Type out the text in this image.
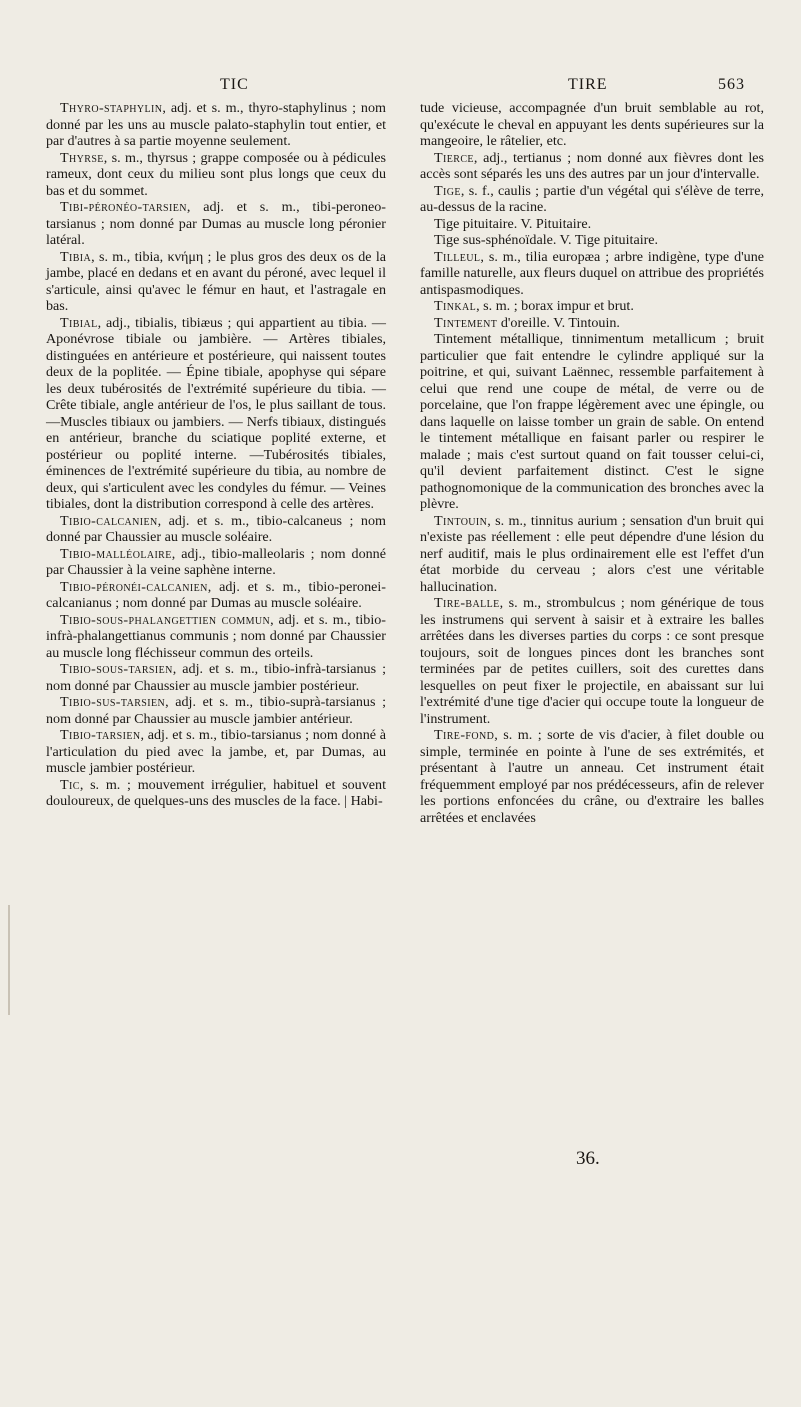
TIC	TIRE	563

Thyro-staphylin, adj. et s. m., thyro-staphylinus ; nom donné par les uns au muscle palato-staphylin tout entier, et par d'autres à sa partie moyenne seulement.

Thyrse, s. m., thyrsus ; grappe composée ou à pédicules rameux, dont ceux du milieu sont plus longs que ceux du bas et du sommet.

Tibi-péronéo-tarsien, adj. et s. m., tibi-peroneo-tarsianus ; nom donné par Dumas au muscle long péronier latéral.

Tibia, s. m., tibia, κνήμη ; le plus gros des deux os de la jambe, placé en dedans et en avant du péroné, avec lequel il s'articule, ainsi qu'avec le fémur en haut, et l'astragale en bas.

Tibial, adj., tibialis, tibiæus ; qui appartient au tibia. — Aponévrose tibiale ou jambière. — Artères tibiales, distinguées en antérieure et postérieure, qui naissent toutes deux de la poplitée. — Épine tibiale, apophyse qui sépare les deux tubérosités de l'extrémité supérieure du tibia. — Crête tibiale, angle antérieur de l'os, le plus saillant de tous. —Muscles tibiaux ou jambiers. — Nerfs tibiaux, distingués en antérieur, branche du sciatique poplité externe, et postérieur ou poplité interne. —Tubérosités tibiales, éminences de l'extrémité supérieure du tibia, au nombre de deux, qui s'articulent avec les condyles du fémur. — Veines tibiales, dont la distribution correspond à celle des artères.

Tibio-calcanien, adj. et s. m., tibio-calcaneus ; nom donné par Chaussier au muscle soléaire.

Tibio-malléolaire, adj., tibio-malleolaris ; nom donné par Chaussier à la veine saphène interne.

Tibio-péronéi-calcanien, adj. et s. m., tibio-peronei-calcanianus ; nom donné par Dumas au muscle soléaire.

Tibio-sous-phalangettien commun, adj. et s. m., tibio-infrà-phalangettianus communis ; nom donné par Chaussier au muscle long fléchisseur commun des orteils.

Tibio-sous-tarsien, adj. et s. m., tibio-infrà-tarsianus ; nom donné par Chaussier au muscle jambier postérieur.

Tibio-sus-tarsien, adj. et s. m., tibio-suprà-tarsianus ; nom donné par Chaussier au muscle jambier antérieur.

Tibio-tarsien, adj. et s. m., tibio-tarsianus ; nom donné à l'articulation du pied avec la jambe, et, par Dumas, au muscle jambier postérieur.

Tic, s. m. ; mouvement irrégulier, habituel et souvent douloureux, de quelques-uns des muscles de la face. | Habi-

tude vicieuse, accompagnée d'un bruit semblable au rot, qu'exécute le cheval en appuyant les dents supérieures sur la mangeoire, le râtelier, etc.

Tierce, adj., tertianus ; nom donné aux fièvres dont les accès sont séparés les uns des autres par un jour d'intervalle.

Tige, s. f., caulis ; partie d'un végétal qui s'élève de terre, au-dessus de la racine.

Tige pituitaire. V. Pituitaire.

Tige sus-sphénoïdale. V. Tige pituitaire.

Tilleul, s. m., tilia europæa ; arbre indigène, type d'une famille naturelle, aux fleurs duquel on attribue des propriétés antispasmodiques.

Tinkal, s. m. ; borax impur et brut.

Tintement d'oreille. V. Tintouin.

Tintement métallique, tinnimentum metallicum ; bruit particulier que fait entendre le cylindre appliqué sur la poitrine, et qui, suivant Laënnec, ressemble parfaitement à celui que rend une coupe de métal, de verre ou de porcelaine, que l'on frappe légèrement avec une épingle, ou dans laquelle on laisse tomber un grain de sable. On entend le tintement métallique en faisant parler ou respirer le malade ; mais c'est surtout quand on fait tousser celui-ci, qu'il devient parfaitement distinct. C'est le signe pathognomonique de la communication des bronches avec la plèvre.

Tintouin, s. m., tinnitus aurium ; sensation d'un bruit qui n'existe pas réellement : elle peut dépendre d'une lésion du nerf auditif, mais le plus ordinairement elle est l'effet d'un état morbide du cerveau ; alors c'est une véritable hallucination.

Tire-balle, s. m., strombulcus ; nom générique de tous les instrumens qui servent à saisir et à extraire les balles arrêtées dans les diverses parties du corps : ce sont presque toujours, soit de longues pinces dont les branches sont terminées par de petites cuillers, soit des curettes dans lesquelles on peut fixer le projectile, en abaissant sur lui l'extrémité d'une tige d'acier qui occupe toute la longueur de l'instrument.

Tire-fond, s. m. ; sorte de vis d'acier, à filet double ou simple, terminée en pointe à l'une de ses extrémités, et présentant à l'autre un anneau. Cet instrument était fréquemment employé par nos prédécesseurs, afin de relever les portions enfoncées du crâne, ou d'extraire les balles arrêtées et enclavées

36.
